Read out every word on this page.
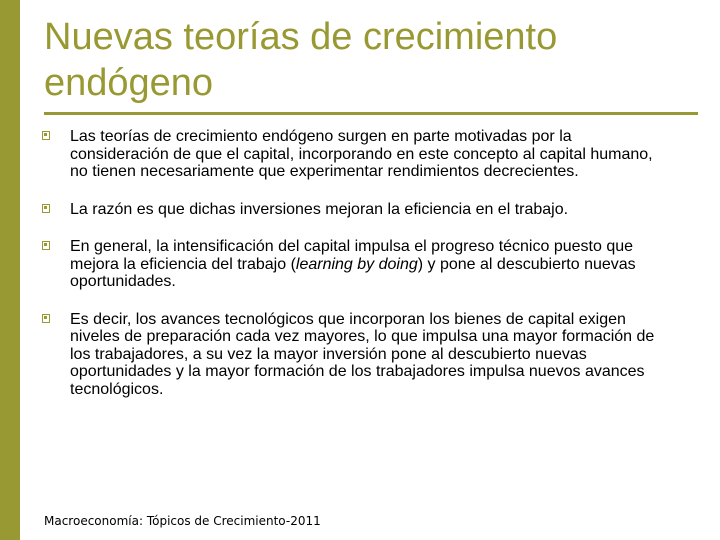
Nuevas teorías de crecimiento endógeno
Las teorías de crecimiento endógeno surgen en parte motivadas por la consideración de que el capital, incorporando en este concepto al capital humano, no tienen necesariamente que experimentar rendimientos decrecientes.
La razón es que dichas inversiones mejoran la eficiencia en el trabajo.
En general, la intensificación del capital impulsa el progreso técnico puesto que mejora la eficiencia del trabajo (learning by doing) y pone al descubierto nuevas oportunidades.
Es decir, los avances tecnológicos que incorporan los bienes de capital exigen niveles de preparación cada vez mayores, lo que impulsa una mayor formación de los trabajadores, a su vez la mayor inversión pone al descubierto nuevas oportunidades y la mayor formación de los trabajadores impulsa nuevos avances tecnológicos.
Macroeconomía: Tópicos de Crecimiento-2011
